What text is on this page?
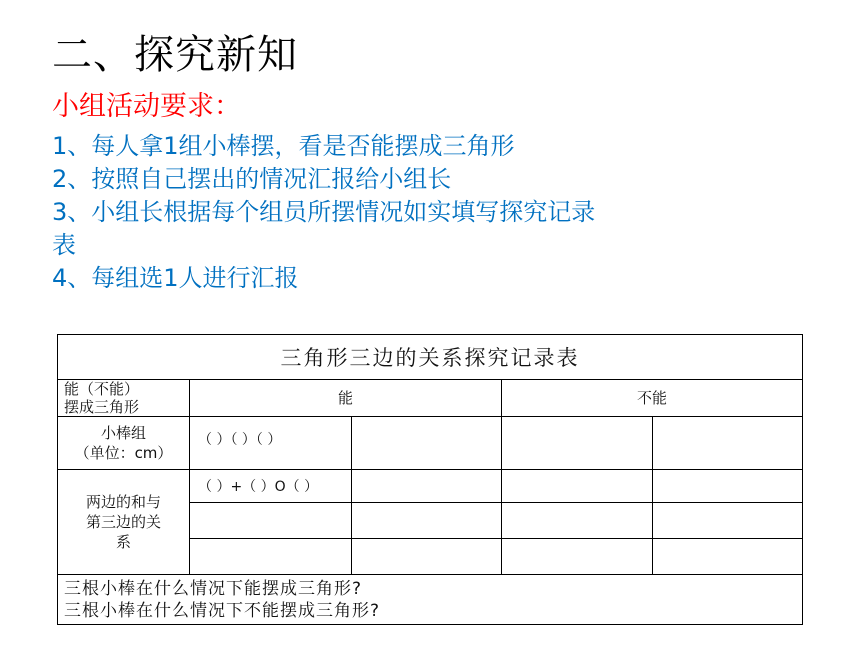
二、探究新知
小组活动要求：
1、每人拿1组小棒摆，看是否能摆成三角形
2、按照自己摆出的情况汇报给小组长
3、小组长根据每个组员所摆情况如实填写探究记录
表
4、每组选1人进行汇报
三角形三边的关系探究记录表				

能（不能）
摆成三角形	能		不能	

小棒组
（单位：cm）	（ ）（ ）（ ）			

两边的和与
第三边的关
系	（ ）+（ ）O（ ）			

三根小棒在什么情况下能摆成三角形?
三根小棒在什么情况下不能摆成三角形?				
